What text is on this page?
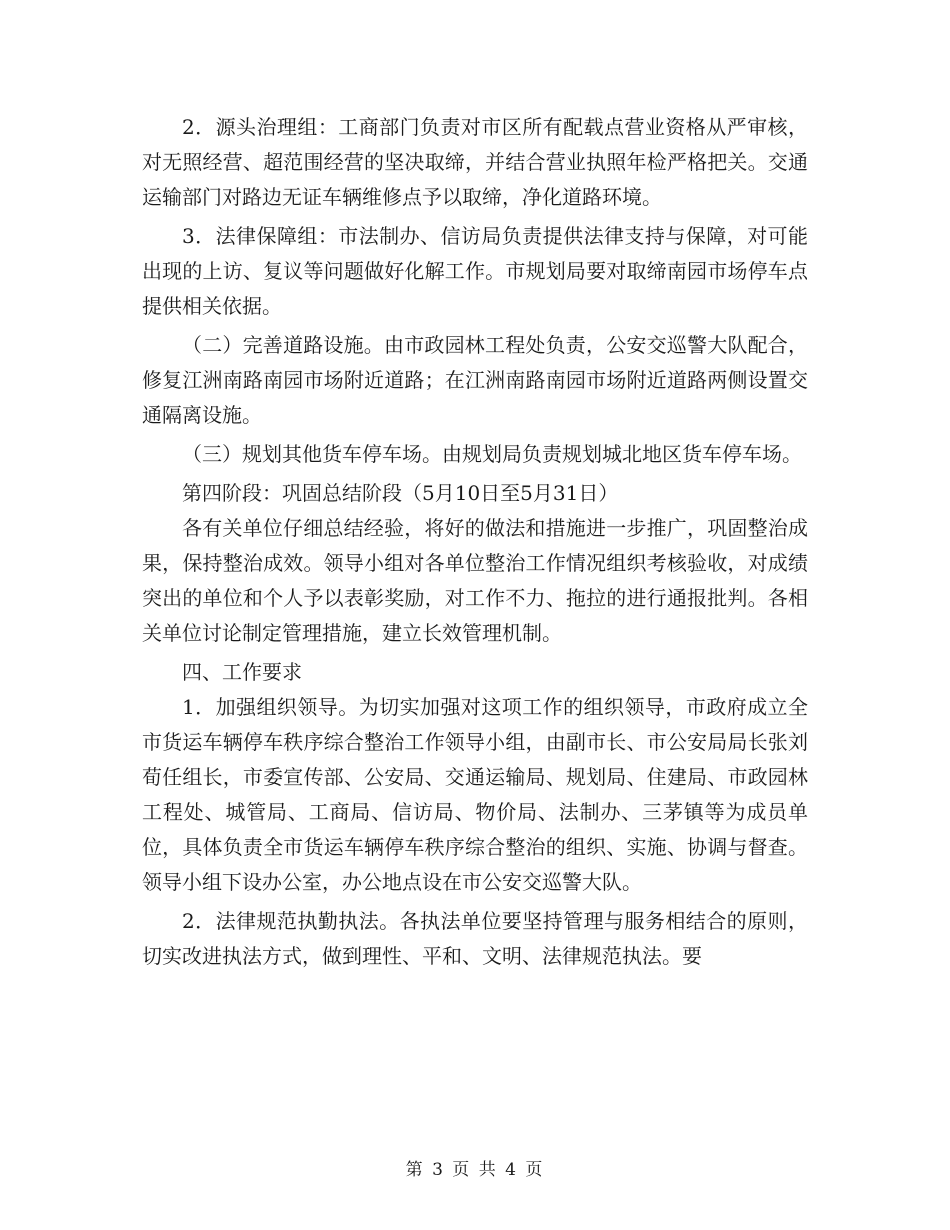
2．源头治理组：工商部门负责对市区所有配载点营业资格从严审核，对无照经营、超范围经营的坚决取缔，并结合营业执照年检严格把关。交通运输部门对路边无证车辆维修点予以取缔，净化道路环境。

3．法律保障组：市法制办、信访局负责提供法律支持与保障，对可能出现的上访、复议等问题做好化解工作。市规划局要对取缔南园市场停车点提供相关依据。

（二）完善道路设施。由市政园林工程处负责，公安交巡警大队配合，修复江洲南路南园市场附近道路；在江洲南路南园市场附近道路两侧设置交通隔离设施。

（三）规划其他货车停车场。由规划局负责规划城北地区货车停车场。

第四阶段：巩固总结阶段（5月10日至5月31日）

各有关单位仔细总结经验，将好的做法和措施进一步推广，巩固整治成果，保持整治成效。领导小组对各单位整治工作情况组织考核验收，对成绩突出的单位和个人予以表彰奖励，对工作不力、拖拉的进行通报批判。各相关单位讨论制定管理措施，建立长效管理机制。

四、工作要求

1．加强组织领导。为切实加强对这项工作的组织领导，市政府成立全市货运车辆停车秩序综合整治工作领导小组，由副市长、市公安局局长张刘荀任组长，市委宣传部、公安局、交通运输局、规划局、住建局、市政园林工程处、城管局、工商局、信访局、物价局、法制办、三茅镇等为成员单位，具体负责全市货运车辆停车秩序综合整治的组织、实施、协调与督查。领导小组下设办公室，办公地点设在市公安交巡警大队。

2．法律规范执勤执法。各执法单位要坚持管理与服务相结合的原则，切实改进执法方式，做到理性、平和、文明、法律规范执法。要

第 3 页 共 4 页
